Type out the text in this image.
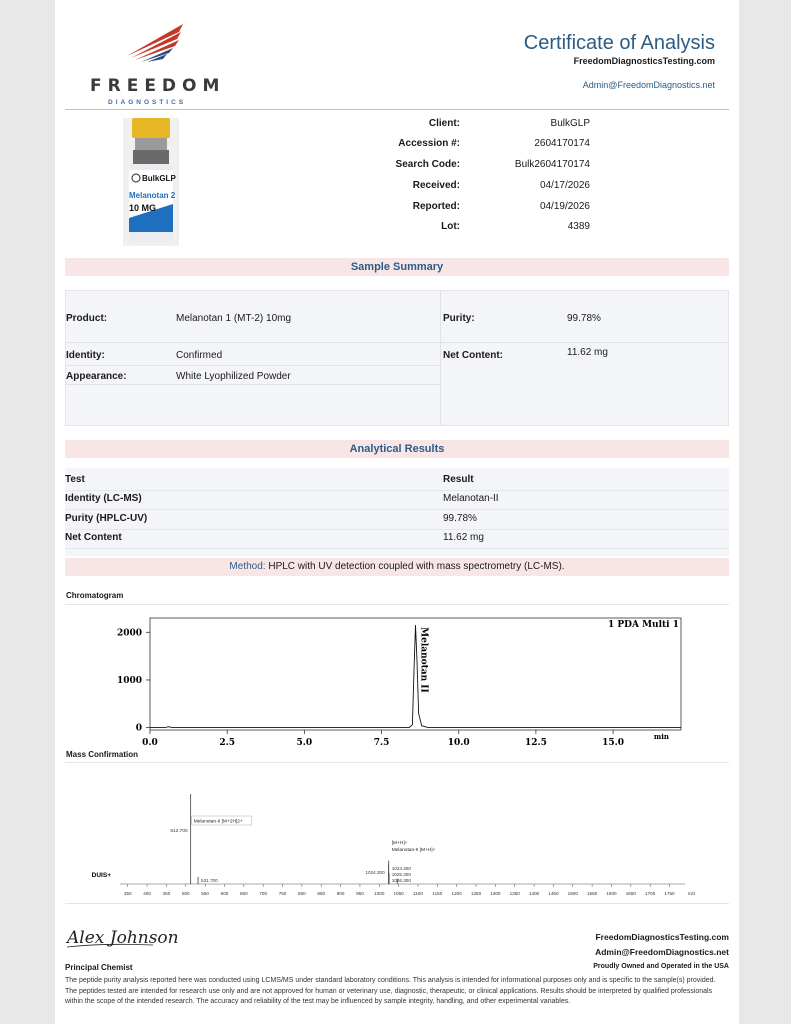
FREEDOM
DIAGNOSTICS
Certificate of Analysis
FreedomDiagnosticsTesting.com
Admin@FreedomDiagnostics.net
BulkGLP
Melanotan 2
10 MG
Client:	BulkGLP
Accession #:	2604170174
Search Code:	Bulk2604170174
Received:	04/17/2026
Reported:	04/19/2026
Lot:	4389
Sample Summary
Product:	Melanotan 1 (MT-2) 10mg	Purity:	99.78%
Identity:	Confirmed	Net Content:	11.62 mg
Appearance:	White Lyophilized Powder
Analytical Results
Test	Result
Identity (LC-MS)	Melanotan-II
Purity (HPLC-UV)	99.78%
Net Content	11.62 mg
Method: HPLC with UV detection coupled with mass spectrometry (LC-MS).
Chromatogram
0
1000
2000
0.0	2.5	5.0	7.5	10.0	12.5	15.0
min
1 PDA Multi 1
Melanotan II
Mass Confirmation
350	400	450	500	550	600	650	700	750	800	850	900	950 1000 1050 1100 1150 1200 1250 1300 1350 1400 1450 1500 1550 1600 1650 1700 1750	m/z
DUIS+
512.700
Melanotan-II [M+2H]2+
531.700
1024.300
[M+H]+
Melanotan-II [M+H]+
1024.400
1025.300
1046.300
Alex Johnson
Principal Chemist
FreedomDiagnosticsTesting.com
Admin@FreedomDiagnostics.net
Proudly Owned and Operated in the USA
The peptide purity analysis reported here was conducted using LCMS/MS under standard laboratory conditions. This analysis is intended for informational purposes only and is specific to the sample(s) provided. The peptides tested are intended for research use only and are not approved for human or veterinary use, diagnostic, therapeutic, or clinical applications. Results should be interpreted by qualified professionals within the scope of the intended research. The accuracy and reliability of the test may be influenced by sample integrity, handling, and other experimental variables.
